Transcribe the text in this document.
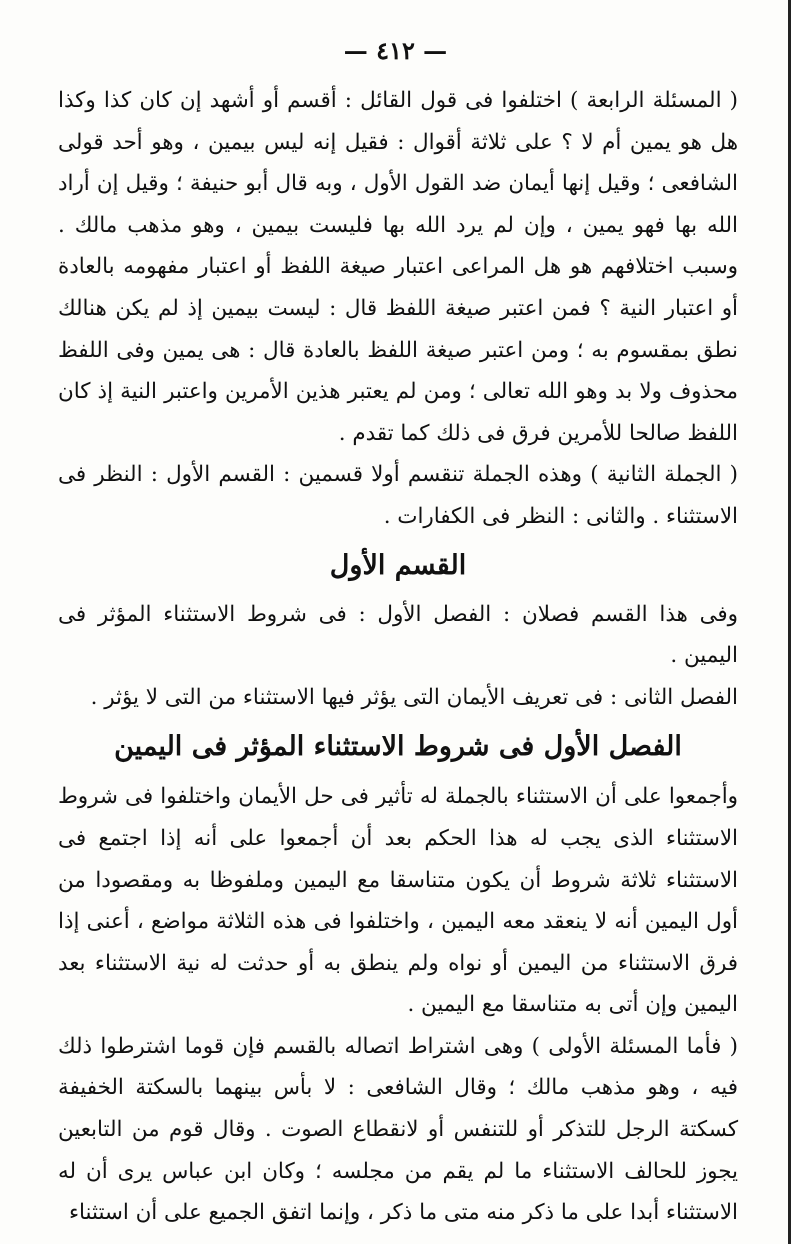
— ٤١٢ —

( المسئلة الرابعة ) اختلفوا فى قول القائل : أقسم أو أشهد إن كان كذا وكذا هل هو يمين أم لا ؟ على ثلاثة أقوال : فقيل إنه ليس بيمين ، وهو أحد قولى الشافعى ؛ وقيل إنها أيمان ضد القول الأول ، وبه قال أبو حنيفة ؛ وقيل إن أراد الله بها فهو يمين ، وإن لم يرد الله بها فليست بيمين ، وهو مذهب مالك . وسبب اختلافهم هو هل المراعى اعتبار صيغة اللفظ أو اعتبار مفهومه بالعادة أو اعتبار النية ؟ فمن اعتبر صيغة اللفظ قال : ليست بيمين إذ لم يكن هنالك نطق بمقسوم به ؛ ومن اعتبر صيغة اللفظ بالعادة قال : هى يمين وفى اللفظ محذوف ولا بد وهو الله تعالى ؛ ومن لم يعتبر هذين الأمرين واعتبر النية إذ كان اللفظ صالحا للأمرين فرق فى ذلك كما تقدم .

( الجملة الثانية ) وهذه الجملة تنقسم أولا قسمين : القسم الأول : النظر فى الاستثناء . والثانى : النظر فى الكفارات .

القسم الأول

وفى هذا القسم فصلان : الفصل الأول : فى شروط الاستثناء المؤثر فى اليمين .

الفصل الثانى : فى تعريف الأيمان التى يؤثر فيها الاستثناء من التى لا يؤثر .

الفصل الأول فى شروط الاستثناء المؤثر فى اليمين

وأجمعوا على أن الاستثناء بالجملة له تأثير فى حل الأيمان واختلفوا فى شروط الاستثناء الذى يجب له هذا الحكم بعد أن أجمعوا على أنه إذا اجتمع فى الاستثناء ثلاثة شروط أن يكون متناسقا مع اليمين وملفوظا به ومقصودا من أول اليمين أنه لا ينعقد معه اليمين ، واختلفوا فى هذه الثلاثة مواضع ، أعنى إذا فرق الاستثناء من اليمين أو نواه ولم ينطق به أو حدثت له نية الاستثناء بعد اليمين وإن أتى به متناسقا مع اليمين .

( فأما المسئلة الأولى ) وهى اشتراط اتصاله بالقسم فإن قوما اشترطوا ذلك فيه ، وهو مذهب مالك ؛ وقال الشافعى : لا بأس بينهما بالسكتة الخفيفة كسكتة الرجل للتذكر أو للتنفس أو لانقطاع الصوت . وقال قوم من التابعين يجوز للحالف الاستثناء ما لم يقم من مجلسه ؛ وكان ابن عباس يرى أن له الاستثناء أبدا على ما ذكر منه متى ما ذكر ، وإنما اتفق الجميع على أن استثناء
